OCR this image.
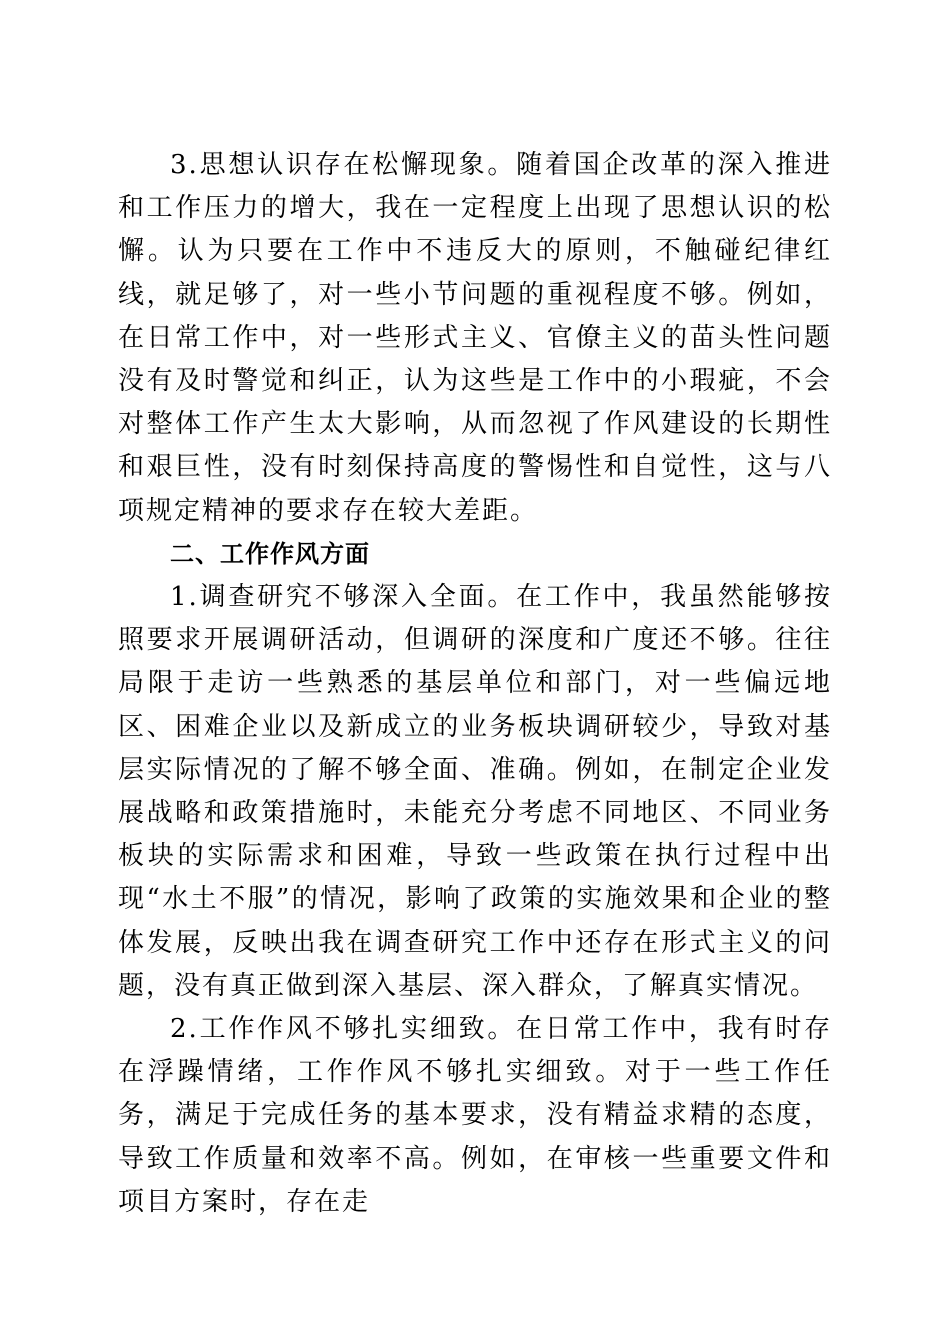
3.思想认识存在松懈现象。随着国企改革的深入推进和工作压力的增大，我在一定程度上出现了思想认识的松懈。认为只要在工作中不违反大的原则，不触碰纪律红线，就足够了，对一些小节问题的重视程度不够。例如，在日常工作中，对一些形式主义、官僚主义的苗头性问题没有及时警觉和纠正，认为这些是工作中的小瑕疵，不会对整体工作产生太大影响，从而忽视了作风建设的长期性和艰巨性，没有时刻保持高度的警惕性和自觉性，这与八项规定精神的要求存在较大差距。

二、工作作风方面

1.调查研究不够深入全面。在工作中，我虽然能够按照要求开展调研活动，但调研的深度和广度还不够。往往局限于走访一些熟悉的基层单位和部门，对一些偏远地区、困难企业以及新成立的业务板块调研较少，导致对基层实际情况的了解不够全面、准确。例如，在制定企业发展战略和政策措施时，未能充分考虑不同地区、不同业务板块的实际需求和困难，导致一些政策在执行过程中出现“水土不服”的情况，影响了政策的实施效果和企业的整体发展，反映出我在调查研究工作中还存在形式主义的问题，没有真正做到深入基层、深入群众，了解真实情况。

2.工作作风不够扎实细致。在日常工作中，我有时存在浮躁情绪，工作作风不够扎实细致。对于一些工作任务，满足于完成任务的基本要求，没有精益求精的态度，导致工作质量和效率不高。例如，在审核一些重要文件和项目方案时，存在走
